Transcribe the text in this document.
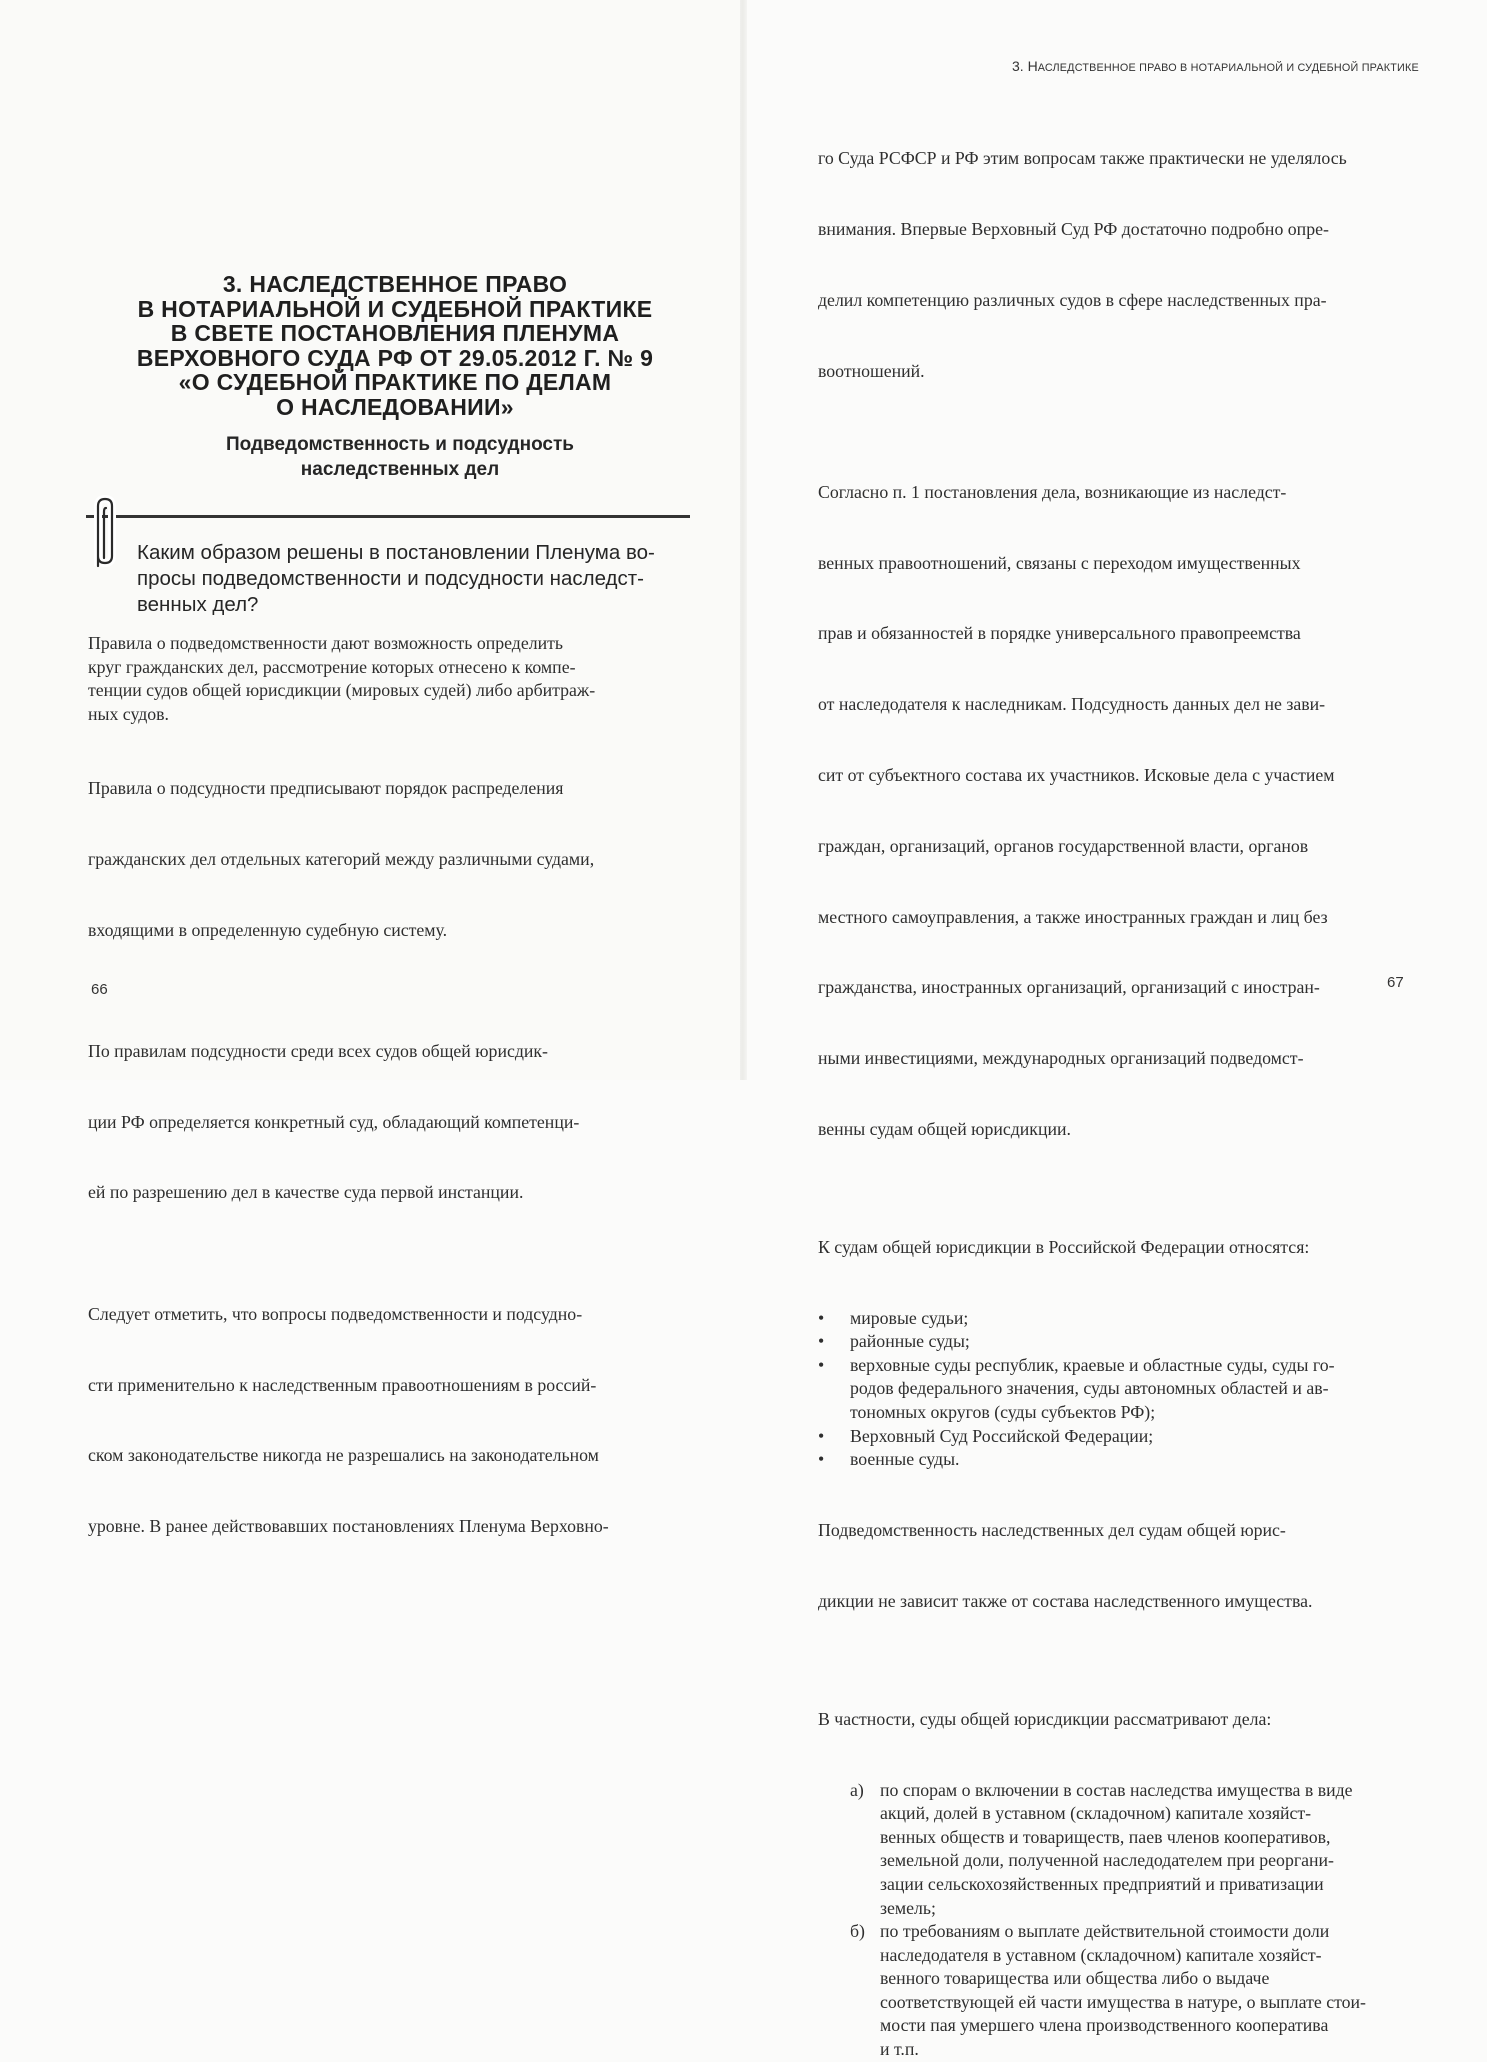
3. НАСЛЕДСТВЕННОЕ ПРАВО
В НОТАРИАЛЬНОЙ И СУДЕБНОЙ ПРАКТИКЕ
В СВЕТЕ ПОСТАНОВЛЕНИЯ ПЛЕНУМА
ВЕРХОВНОГО СУДА РФ ОТ 29.05.2012 Г. № 9
«О СУДЕБНОЙ ПРАКТИКЕ ПО ДЕЛАМ
О НАСЛЕДОВАНИИ»
Подведомственность и подсудность
наследственных дел

Каким образом решены в постановлении Пленума во-
просы подведомственности и подсудности наследст-
венных дел?

Правила о подведомственности дают возможность определить
круг гражданских дел, рассмотрение которых отнесено к компе-
тенции судов общей юрисдикции (мировых судей) либо арбитраж-
ных судов.

Правила о подсудности предписывают порядок распределения

гражданских дел отдельных категорий между различными судами,

входящими в определенную судебную систему.

По правилам подсудности среди всех судов общей юрисдик-

ции РФ определяется конкретный суд, обладающий компетенци-

ей по разрешению дел в качестве суда первой инстанции.

Следует отметить, что вопросы подведомственности и подсудно-

сти применительно к наследственным правоотношениям в россий-

ском законодательстве никогда не разрешались на законодательном

уровне. В ранее действовавших постановлениях Пленума Верховно-

66
3. НАСЛЕДСТВЕННОЕ ПРАВО В НОТАРИАЛЬНОЙ И СУДЕБНОЙ ПРАКТИКЕ

го Суда РСФСР и РФ этим вопросам также практически не уделялось

внимания. Впервые Верховный Суд РФ достаточно подробно опре-

делил компетенцию различных судов в сфере наследственных пра-

воотношений.

Согласно п. 1 постановления дела, возникающие из наследст-

венных правоотношений, связаны с переходом имущественных

прав и обязанностей в порядке универсального правопреемства

от наследодателя к наследникам. Подсудность данных дел не зави-

сит от субъектного состава их участников. Исковые дела с участием

граждан, организаций, органов государственной власти, органов

местного самоуправления, а также иностранных граждан и лиц без

гражданства, иностранных организаций, организаций с иностран-

ными инвестициями, международных организаций подведомст-

венны судам общей юрисдикции.

К судам общей юрисдикции в Российской Федерации относятся:

• мировые судьи;
• районные суды;
• верховные суды республик, краевые и областные суды, суды го-
родов федерального значения, суды автономных областей и ав-
тономных округов (суды субъектов РФ);
• Верховный Суд Российской Федерации;
• военные суды.

Подведомственность наследственных дел судам общей юрис-

дикции не зависит также от состава наследственного имущества.

В частности, суды общей юрисдикции рассматривают дела:

а) по спорам о включении в состав наследства имущества в виде
акций, долей в уставном (складочном) капитале хозяйст-
венных обществ и товариществ, паев членов кооперативов,
земельной доли, полученной наследодателем при реоргани-
зации сельскохозяйственных предприятий и приватизации
земель;
б) по требованиям о выплате действительной стоимости доли
наследодателя в уставном (складочном) капитале хозяйст-
венного товарищества или общества либо о выдаче
соответствующей ей части имущества в натуре, о выплате стои-
мости пая умершего члена производственного кооператива
и т.п.
67
